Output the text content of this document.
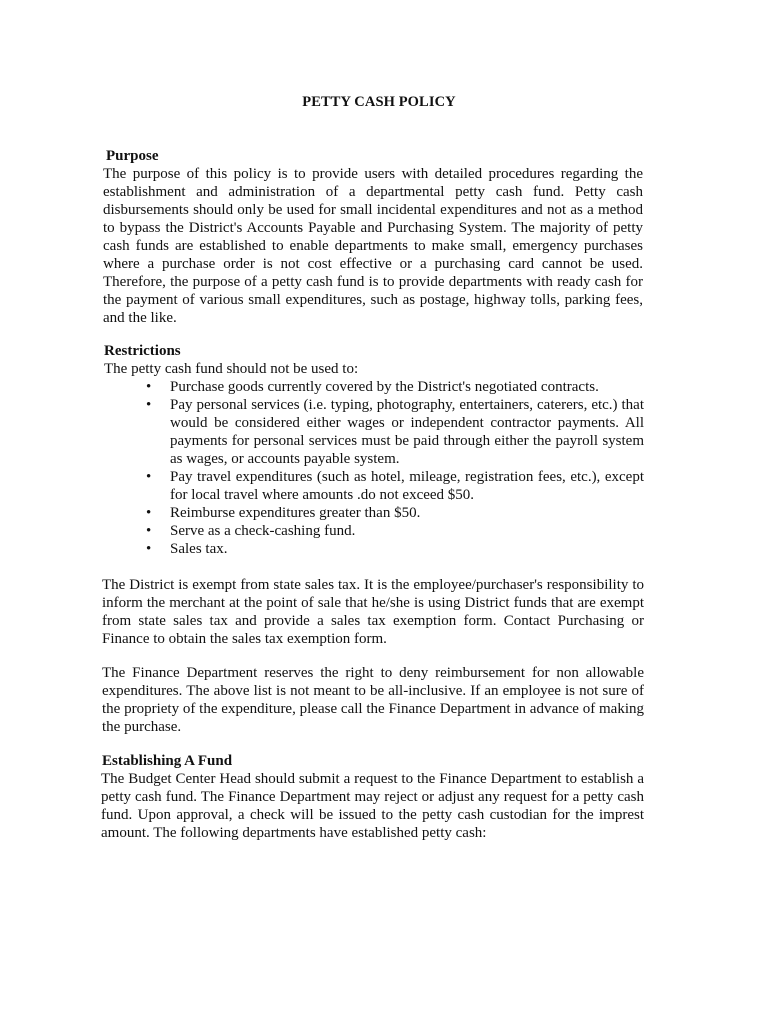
PETTY CASH POLICY

Purpose

The purpose of this policy is to provide users with detailed procedures regarding the establishment and administration of a departmental petty cash fund. Petty cash disbursements should only be used for small incidental expenditures and not as a method to bypass the District's Accounts Payable and Purchasing System. The majority of petty cash funds are established to enable departments to make small, emergency purchases where a purchase order is not cost effective or a purchasing card cannot be used. Therefore, the purpose of a petty cash fund is to provide departments with ready cash for the payment of various small expenditures, such as postage, highway tolls, parking fees, and the like.

Restrictions

The petty cash fund should not be used to:

• Purchase goods currently covered by the District's negotiated contracts.
• Pay personal services (i.e. typing, photography, entertainers, caterers, etc.) that would be considered either wages or independent contractor payments. All payments for personal services must be paid through either the payroll system as wages, or accounts payable system.
• Pay travel expenditures (such as hotel, mileage, registration fees, etc.), except for local travel where amounts .do not exceed $50.
• Reimburse expenditures greater than $50.
• Serve as a check-cashing fund.
• Sales tax.

The District is exempt from state sales tax. It is the employee/purchaser's responsibility to inform the merchant at the point of sale that he/she is using District funds that are exempt from state sales tax and provide a sales tax exemption form. Contact Purchasing or Finance to obtain the sales tax exemption form.

The Finance Department reserves the right to deny reimbursement for non allowable expenditures. The above list is not meant to be all-inclusive. If an employee is not sure of the propriety of the expenditure, please call the Finance Department in advance of making the purchase.

Establishing A Fund

The Budget Center Head should submit a request to the Finance Department to establish a petty cash fund. The Finance Department may reject or adjust any request for a petty cash fund. Upon approval, a check will be issued to the petty cash custodian for the imprest amount. The following departments have established petty cash:
